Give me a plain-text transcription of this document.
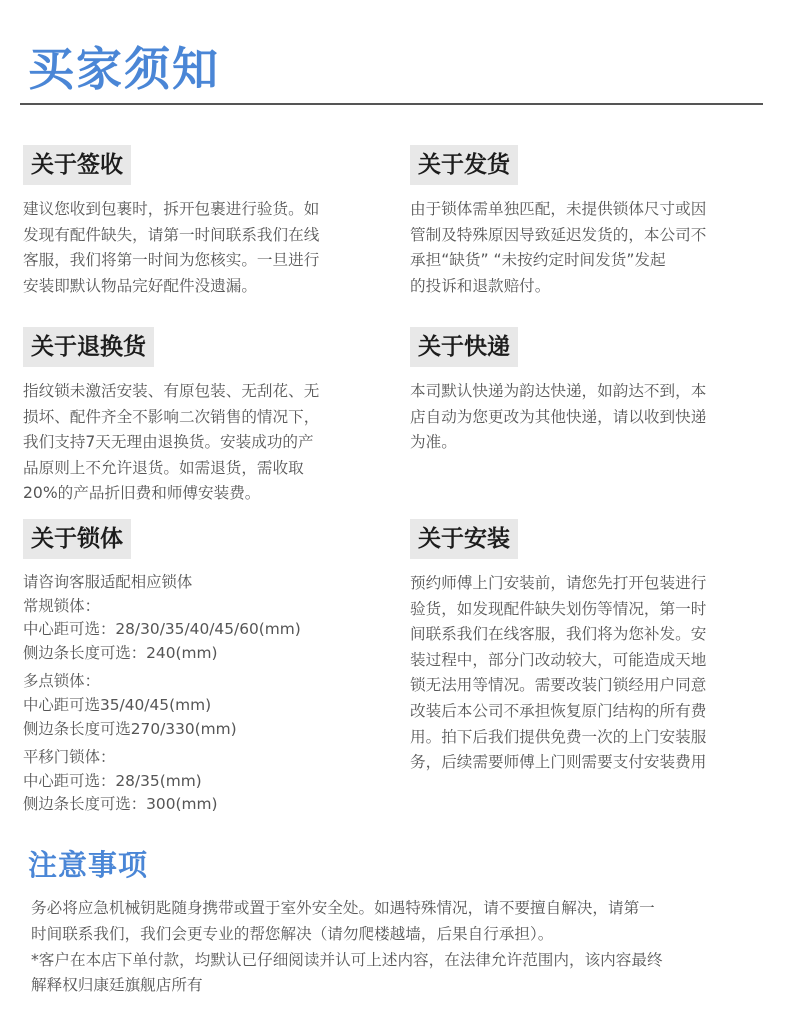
买家须知
关于签收
建议您收到包裹时，拆开包裹进行验货。如
发现有配件缺失，请第一时间联系我们在线
客服，我们将第一时间为您核实。一旦进行
安装即默认物品完好配件没遗漏。
关于发货
由于锁体需单独匹配，未提供锁体尺寸或因
管制及特殊原因导致延迟发货的，本公司不
承担“缺货” “未按约定时间发货”发起
的投诉和退款赔付。
关于退换货
指纹锁未激活安装、有原包装、无刮花、无
损坏、配件齐全不影响二次销售的情况下，
我们支持7天无理由退换货。安装成功的产
品原则上不允许退货。如需退货，需收取
20%的产品折旧费和师傅安装费。
关于快递
本司默认快递为韵达快递，如韵达不到，本
店自动为您更改为其他快递，请以收到快递
为准。
关于锁体
请咨询客服适配相应锁体
常规锁体：
中心距可选：28/30/35/40/45/60(mm)
侧边条长度可选：240(mm)
多点锁体：
中心距可选35/40/45(mm)
侧边条长度可选270/330(mm)
平移门锁体：
中心距可选：28/35(mm)
侧边条长度可选：300(mm)
关于安装
预约师傅上门安装前，请您先打开包装进行
验货，如发现配件缺失划伤等情况，第一时
间联系我们在线客服，我们将为您补发。安
装过程中，部分门改动较大，可能造成天地
锁无法用等情况。需要改装门锁经用户同意
改装后本公司不承担恢复原门结构的所有费
用。拍下后我们提供免费一次的上门安装服
务，后续需要师傅上门则需要支付安装费用
注意事项
务必将应急机械钥匙随身携带或置于室外安全处。如遇特殊情况，请不要擅自解决，请第一
时间联系我们，我们会更专业的帮您解决（请勿爬楼越墙，后果自行承担）。
*客户在本店下单付款，均默认已仔细阅读并认可上述内容，在法律允许范围内，该内容最终
解释权归康廷旗舰店所有
